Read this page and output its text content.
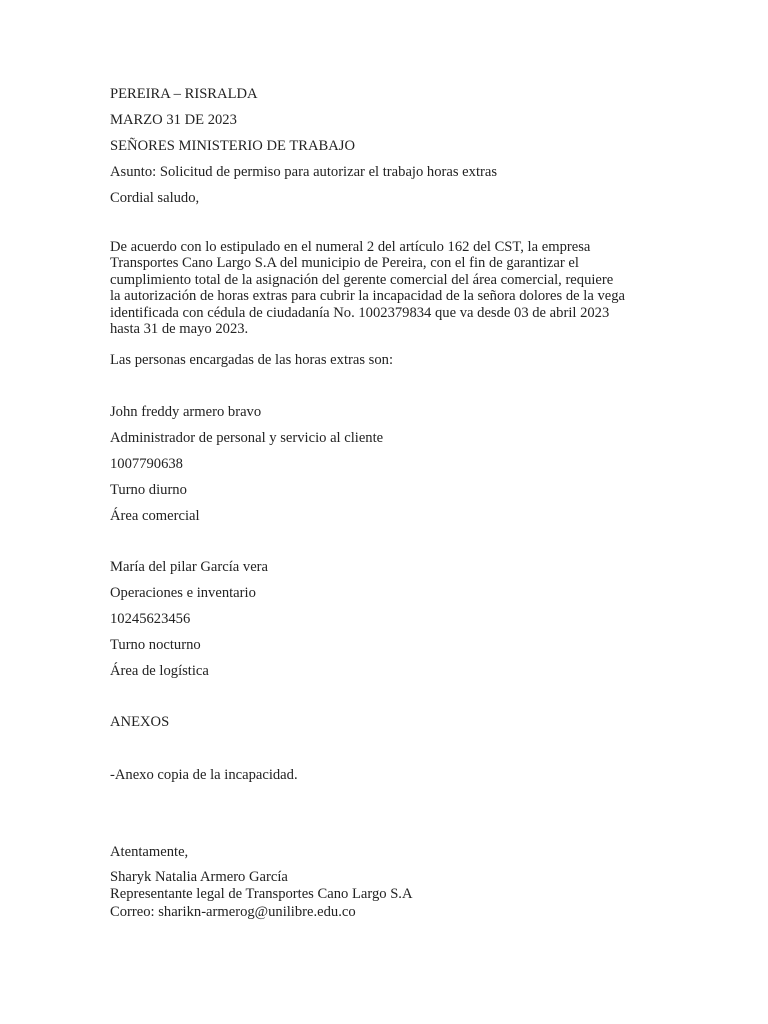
PEREIRA – RISRALDA
MARZO 31 DE 2023
SEÑORES MINISTERIO DE TRABAJO
Asunto: Solicitud de permiso para autorizar el trabajo horas extras
Cordial saludo,
De acuerdo con lo estipulado en el numeral 2 del artículo 162 del CST, la empresa
Transportes Cano Largo S.A del municipio de Pereira, con el fin de garantizar el
cumplimiento total de la asignación del gerente comercial del área comercial, requiere
la autorización de horas extras para cubrir la incapacidad de la señora dolores de la vega
identificada con cédula de ciudadanía No. 1002379834 que va desde 03 de abril 2023
hasta 31 de mayo 2023.
Las personas encargadas de las horas extras son:
John freddy armero bravo
Administrador de personal y servicio al cliente
1007790638
Turno diurno
Área comercial
María del pilar García vera
Operaciones e inventario
10245623456
Turno nocturno
Área de logística
ANEXOS
-Anexo copia de la incapacidad.
Atentamente,
Sharyk Natalia Armero García
Representante legal de Transportes Cano Largo S.A
Correo: sharikn-armerog@unilibre.edu.co
